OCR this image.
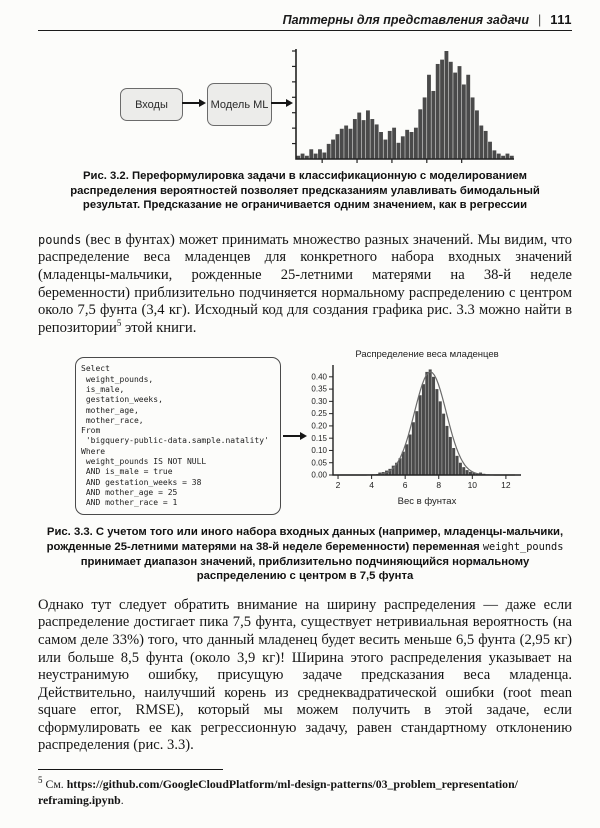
Паттерны для представления задачи | 111
Входы	Модель ML
Рис. 3.2. Переформулировка задачи в классификационную с моделированием распределения вероятностей позволяет предсказаниям улавливать бимодальный результат. Предсказание не ограничивается одним значением, как в регрессии

pounds (вес в фунтах) может принимать множество разных значений. Мы видим, что распределение веса младенцев для конкретного набора входных значений (младенцы-мальчики, рожденные 25-летними матерями на 38-й неделе беременности) приблизительно подчиняется нормальному распределению с центром около 7,5 фунта (3,4 кг). Исходный код для создания графика рис. 3.3 можно найти в репозитории$^5$ этой книги.

Select
weight_pounds,
is_male,
gestation_weeks,
mother_age,
mother_race,
From
'bigquery-public-data.sample.natality'
Where
weight_pounds IS NOT NULL
AND is_male = true
AND gestation_weeks = 38
AND mother_age = 25
AND mother_race = 1
Распределение веса младенцев
0.00
0.05
0.10
0.15
0.20
0.25
0.30
0.35
0.40
2	4	6	8	10	12
Вес в фунтах
Рис. 3.3. С учетом того или иного набора входных данных (например, младенцы-мальчики, рожденные 25-летними матерями на 38-й неделе беременности) переменная weight_pounds принимает диапазон значений, приблизительно подчиняющийся нормальному распределению с центром в 7,5 фунта

Однако тут следует обратить внимание на ширину распределения — даже если распределение достигает пика 7,5 фунта, существует нетривиальная вероятность (на самом деле 33%) того, что данный младенец будет весить меньше 6,5 фунта (2,95 кг) или больше 8,5 фунта (около 3,9 кг)! Ширина этого распределения указывает на неустранимую ошибку, присущую задаче предсказания веса младенца. Действительно, наилучший корень из среднеквадратической ошибки (root mean square error, RMSE), который мы можем получить в этой задаче, если сформулировать ее как регрессионную задачу, равен стандартному отклонению распределения (рис. 3.3).

$^5$ См. https://github.com/GoogleCloudPlatform/ml-design-patterns/03_problem_representation/reframing.ipynb.
